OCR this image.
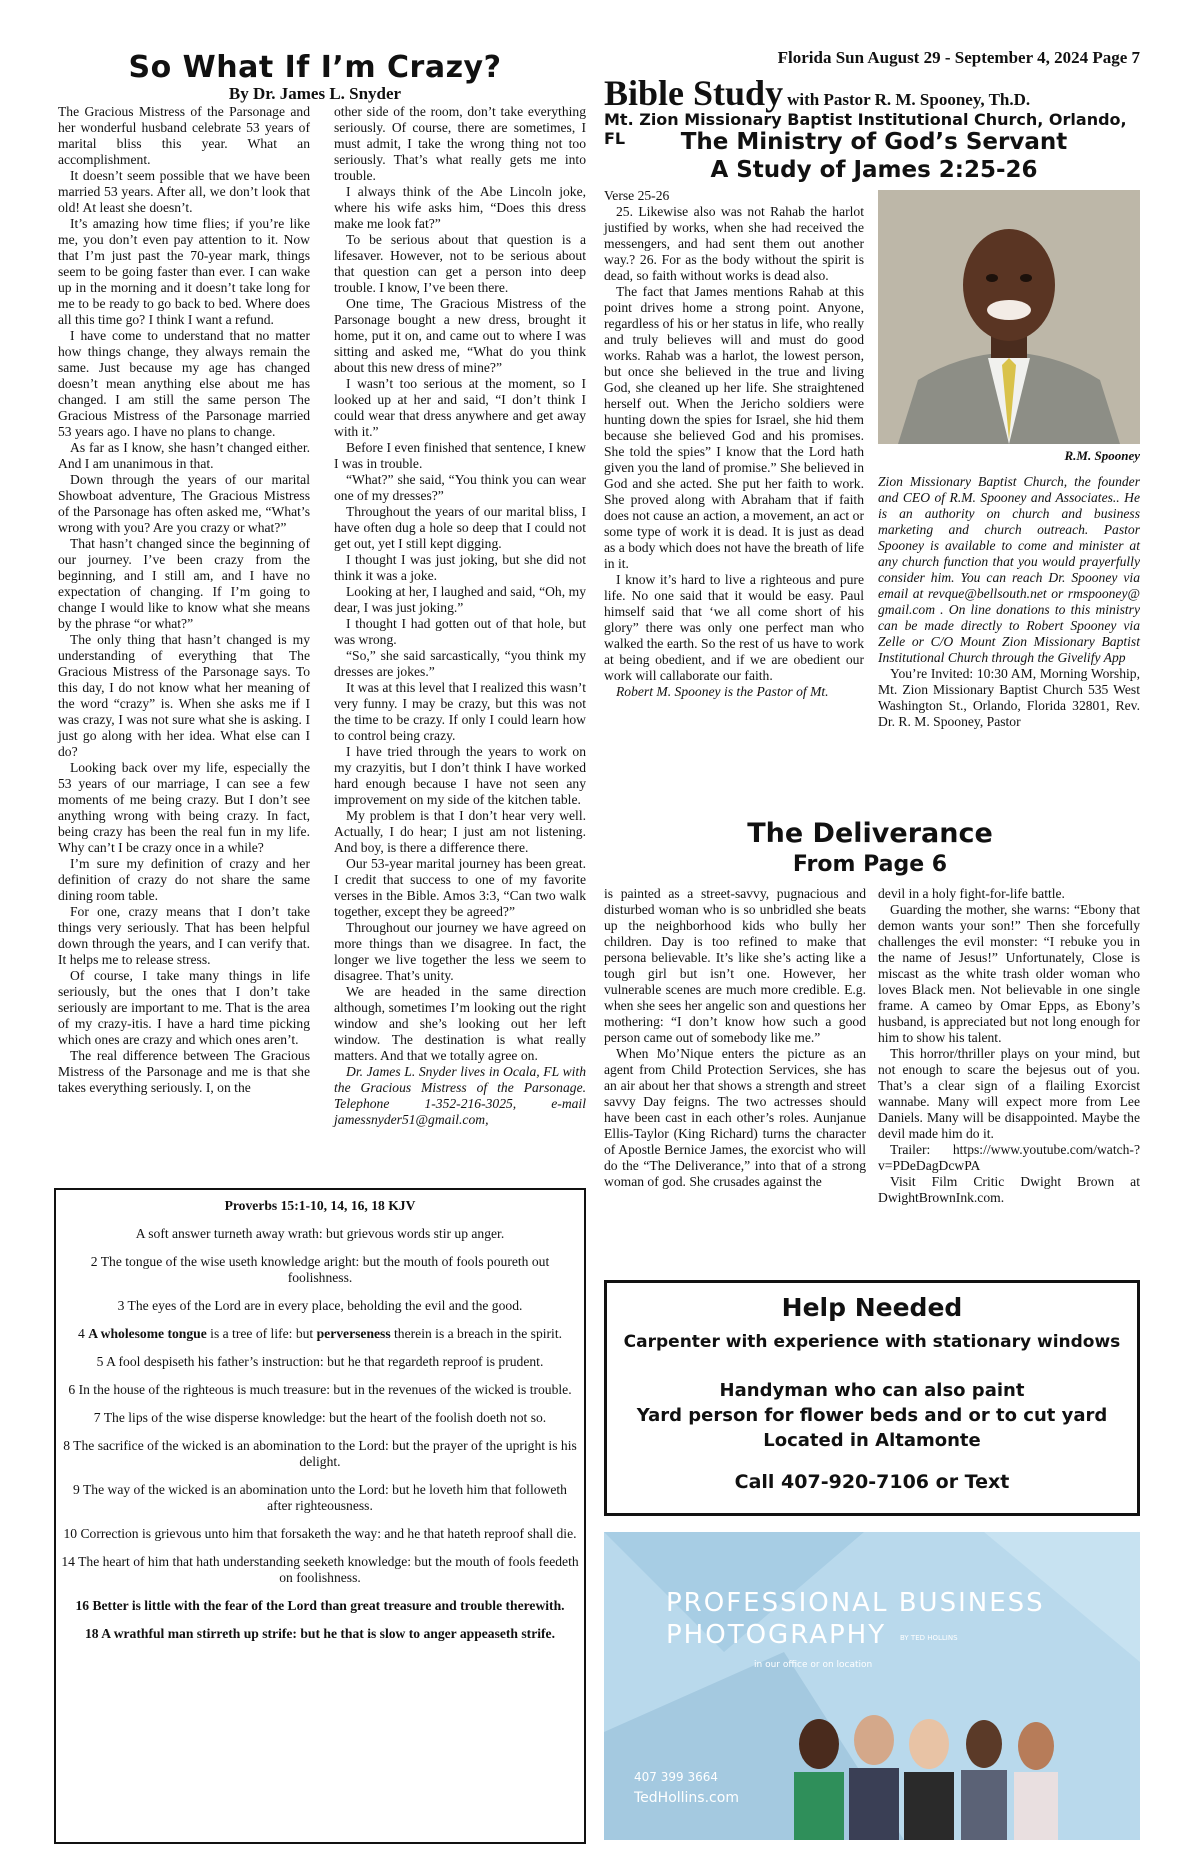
So What If I’m Crazy?
By Dr. James L. Snyder

The Gracious Mistress of the Parsonage and her wonderful husband celebrate 53 years of marital bliss this year. What an accomplishment.

It doesn’t seem possible that we have been married 53 years. After all, we don’t look that old! At least she doesn’t.

It’s amazing how time flies; if you’re like me, you don’t even pay attention to it. Now that I’m just past the 70-year mark, things seem to be going faster than ever. I can wake up in the morning and it doesn’t take long for me to be ready to go back to bed. Where does all this time go? I think I want a refund.

I have come to understand that no matter how things change, they always remain the same. Just because my age has changed doesn’t mean anything else about me has changed. I am still the same person The Gracious Mistress of the Parsonage married 53 years ago. I have no plans to change.

As far as I know, she hasn’t changed either. And I am unanimous in that.

Down through the years of our marital Showboat adventure, The Gracious Mistress of the Parsonage has often asked me, “What’s wrong with you? Are you crazy or what?”

That hasn’t changed since the beginning of our journey. I’ve been crazy from the beginning, and I still am, and I have no expectation of changing. If I’m going to change I would like to know what she means by the phrase “or what?”

The only thing that hasn’t changed is my understanding of everything that The Gracious Mistress of the Parsonage says. To this day, I do not know what her meaning of the word “crazy” is. When she asks me if I was crazy, I was not sure what she is asking. I just go along with her idea. What else can I do?

Looking back over my life, especially the 53 years of our marriage, I can see a few moments of me being crazy. But I don’t see anything wrong with being crazy. In fact, being crazy has been the real fun in my life. Why can’t I be crazy once in a while?

I’m sure my definition of crazy and her definition of crazy do not share the same dining room table.

For one, crazy means that I don’t take things very seriously. That has been helpful down through the years, and I can verify that. It helps me to release stress.

Of course, I take many things in life seriously, but the ones that I don’t take seriously are important to me. That is the area of my crazy-itis. I have a hard time picking which ones are crazy and which ones aren’t.

The real difference between The Gracious Mistress of the Parsonage and me is that she takes everything seriously. I, on the

other side of the room, don’t take everything seriously. Of course, there are sometimes, I must admit, I take the wrong thing not too seriously. That’s what really gets me into trouble.

I always think of the Abe Lincoln joke, where his wife asks him, “Does this dress make me look fat?”

To be serious about that question is a lifesaver. However, not to be serious about that question can get a person into deep trouble. I know, I’ve been there.

One time, The Gracious Mistress of the Parsonage bought a new dress, brought it home, put it on, and came out to where I was sitting and asked me, “What do you think about this new dress of mine?”

I wasn’t too serious at the moment, so I looked up at her and said, “I don’t think I could wear that dress anywhere and get away with it.”

Before I even finished that sentence, I knew I was in trouble.

“What?” she said, “You think you can wear one of my dresses?”

Throughout the years of our marital bliss, I have often dug a hole so deep that I could not get out, yet I still kept digging.

I thought I was just joking, but she did not think it was a joke.

Looking at her, I laughed and said, “Oh, my dear, I was just joking.”

I thought I had gotten out of that hole, but was wrong.

“So,” she said sarcastically, “you think my dresses are jokes.”

It was at this level that I realized this wasn’t very funny. I may be crazy, but this was not the time to be crazy. If only I could learn how to control being crazy.

I have tried through the years to work on my crazyitis, but I don’t think I have worked hard enough because I have not seen any improvement on my side of the kitchen table.

My problem is that I don’t hear very well. Actually, I do hear; I just am not listening. And boy, is there a difference there.

Our 53-year marital journey has been great. I credit that success to one of my favorite verses in the Bible. Amos 3:3, “Can two walk together, except they be agreed?”

Throughout our journey we have agreed on more things than we disagree. In fact, the longer we live together the less we seem to disagree. That’s unity.

We are headed in the same direction although, sometimes I’m looking out the right window and she’s looking out her left window. The destination is what really matters. And that we totally agree on.

Dr. James L. Snyder lives in Ocala, FL with the Gracious Mistress of the Parsonage. Telephone 1-352-216-3025, e-mail jamessnyder51@gmail.com,

Florida Sun August 29 - September 4, 2024 Page 7
Bible Study with Pastor R. M. Spooney, Th.D.
Mt. Zion Missionary Baptist Institutional Church, Orlando, FL	The Ministry of God’s Servant
A Study of James 2:25-26

Verse 25-26

25. Likewise also was not Rahab the harlot justified by works, when she had received the messengers, and had sent them out another way.? 26. For as the body without the spirit is dead, so faith without works is dead also.

The fact that James mentions Rahab at this point drives home a strong point. Anyone, regardless of his or her status in life, who really and truly believes will and must do good works. Rahab was a harlot, the lowest person, but once she believed in the true and living God, she cleaned up her life. She straightened herself out. When the Jericho soldiers were hunting down the spies for Israel, she hid them because she believed God and his promises. She told the spies” I know that the Lord hath given you the land of promise.” She believed in God and she acted. She put her faith to work. She proved along with Abraham that if faith does not cause an action, a movement, an act or some type of work it is dead. It is just as dead as a body which does not have the breath of life in it.

I know it’s hard to live a righteous and pure life. No one said that it would be easy. Paul himself said that ‘we all come short of his glory” there was only one perfect man who walked the earth. So the rest of us have to work at being obedient, and if we are obedient our work will callaborate our faith.

Robert M. Spooney is the Pastor of Mt.

R.M. Spooney

Zion Missionary Baptist Church, the founder and CEO of R.M. Spooney and Associates.. He is an authority on church and business marketing and church outreach. Pastor Spooney is available to come and minister at any church function that you would prayerfully consider him. You can reach Dr. Spooney via email at revque@bellsouth.net or rmspooney@ gmail.com . On line donations to this ministry can be made directly to Robert Spooney via Zelle or C/O Mount Zion Missionary Baptist Institutional Church through the Givelify App

You’re Invited: 10:30 AM, Morning Worship, Mt. Zion Missionary Baptist Church 535 West Washington St., Orlando, Florida 32801, Rev. Dr. R. M. Spooney, Pastor

The Deliverance
From Page 6

is painted as a street-savvy, pugnacious and disturbed woman who is so unbridled she beats up the neighborhood kids who bully her children. Day is too refined to make that persona believable. It’s like she’s acting like a tough girl but isn’t one. However, her vulnerable scenes are much more credible. E.g. when she sees her angelic son and questions her mothering: “I don’t know how such a good person came out of somebody like me.”

When Mo’Nique enters the picture as an agent from Child Protection Services, she has an air about her that shows a strength and street savvy Day feigns. The two actresses should have been cast in each other’s roles. Aunjanue Ellis-Taylor (King Richard) turns the character of Apostle Bernice James, the exorcist who will do the “The Deliverance,” into that of a strong woman of god. She crusades against the

devil in a holy fight-for-life battle.

Guarding the mother, she warns: “Ebony that demon wants your son!” Then she forcefully challenges the evil monster: “I rebuke you in the name of Jesus!” Unfortunately, Close is miscast as the white trash older woman who loves Black men. Not believable in one single frame. A cameo by Omar Epps, as Ebony’s husband, is appreciated but not long enough for him to show his talent.

This horror/thriller plays on your mind, but not enough to scare the bejesus out of you. That’s a clear sign of a flailing Exorcist wannabe. Many will expect more from Lee Daniels. Many will be disappointed. Maybe the devil made him do it.

Trailer: https://www.youtube.com/watch-?v=PDeDagDcwPA

Visit Film Critic Dwight Brown at DwightBrownInk.com.

Proverbs 15:1-10, 14, 16, 18 KJV
A soft answer turneth away wrath: but grievous words stir up anger.
2 The tongue of the wise useth knowledge aright: but the mouth of fools poureth out foolishness.
3 The eyes of the Lord are in every place, beholding the evil and the good.
4 A wholesome tongue is a tree of life: but perverseness therein is a breach in the spirit.
5 A fool despiseth his father’s instruction: but he that regardeth reproof is prudent.
6 In the house of the righteous is much treasure: but in the revenues of the wicked is trouble.
7 The lips of the wise disperse knowledge: but the heart of the foolish doeth not so.
8 The sacrifice of the wicked is an abomination to the Lord: but the prayer of the upright is his delight.
9 The way of the wicked is an abomination unto the Lord: but he loveth him that followeth after righteousness.
10 Correction is grievous unto him that forsaketh the way: and he that hateth reproof shall die.
14 The heart of him that hath understanding seeketh knowledge: but the mouth of fools feedeth on foolishness.
16 Better is little with the fear of the Lord than great treasure and trouble therewith.
18 A wrathful man stirreth up strife: but he that is slow to anger appeaseth strife.
Help Needed
Carpenter with experience with stationary windows
Handyman who can also paint
Yard person for flower beds and or to cut yard
Located in Altamonte
Call 407-920-7106 or Text
PROFESSIONAL BUSINESS
PHOTOGRAPHY BY TED HOLLINS
in our office or on location
407 399 3664
TedHollins.com
